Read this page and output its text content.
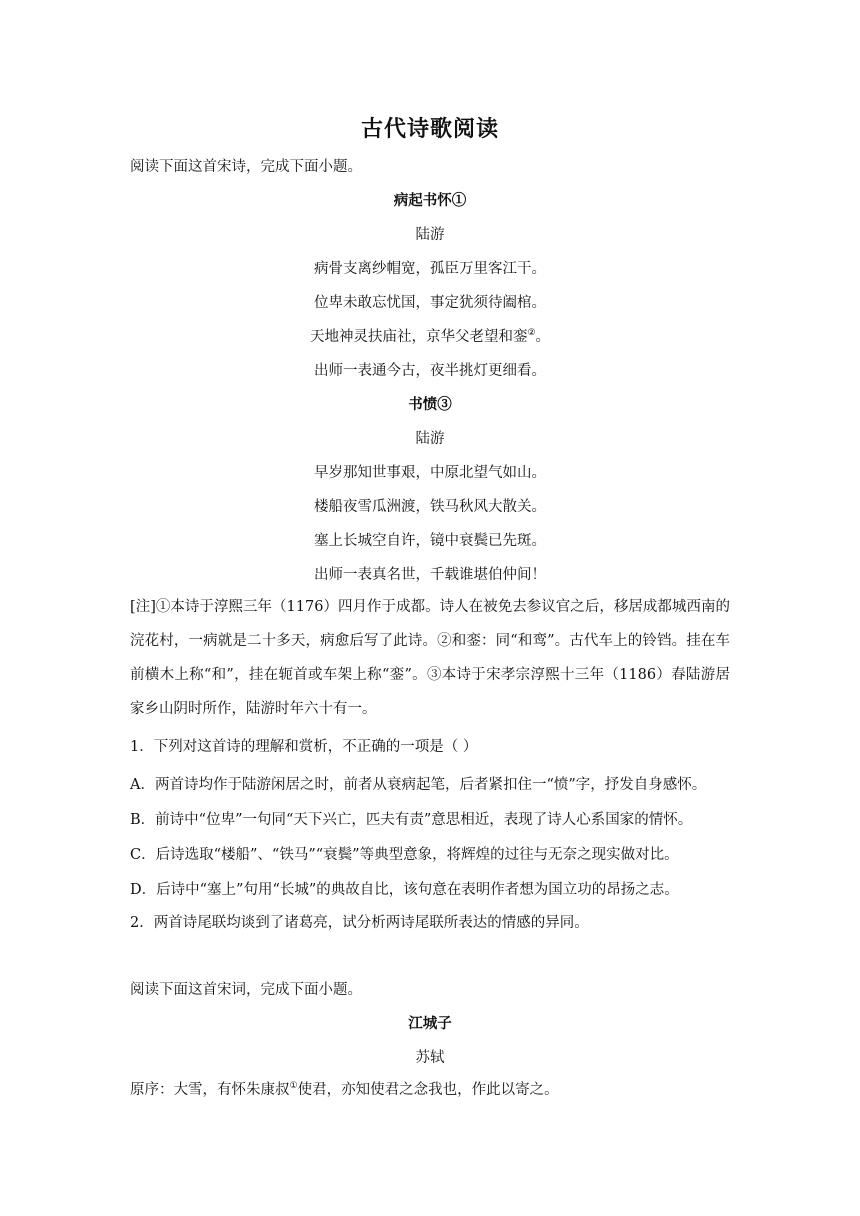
古代诗歌阅读
阅读下面这首宋诗，完成下面小题。
病起书怀①
陆游
病骨支离纱帽宽，孤臣万里客江干。
位卑未敢忘忧国，事定犹须待阖棺。
天地神灵扶庙社，京华父老望和銮②。
出师一表通今古，夜半挑灯更细看。
书愤③
陆游
早岁那知世事艰，中原北望气如山。
楼船夜雪瓜洲渡，铁马秋风大散关。
塞上长城空自许，镜中衰鬓已先斑。
出师一表真名世，千载谁堪伯仲间！
[注]①本诗于淳熙三年（1176）四月作于成都。诗人在被免去参议官之后，移居成都城西南的浣花村，一病就是二十多天，病愈后写了此诗。②和銮：同“和鸾”。古代车上的铃铛。挂在车前横木上称“和”，挂在轭首或车架上称“銮”。③本诗于宋孝宗淳熙十三年（1186）春陆游居家乡山阴时所作，陆游时年六十有一。
1．下列对这首诗的理解和赏析，不正确的一项是（ ）
A．两首诗均作于陆游闲居之时，前者从衰病起笔，后者紧扣住一“愤”字，抒发自身感怀。
B．前诗中“位卑”一句同“天下兴亡，匹夫有责”意思相近，表现了诗人心系国家的情怀。
C．后诗选取“楼船”、“铁马”“衰鬓”等典型意象，将辉煌的过往与无奈之现实做对比。
D．后诗中“塞上”句用“长城”的典故自比，该句意在表明作者想为国立功的昂扬之志。
2．两首诗尾联均谈到了诸葛亮，试分析两诗尾联所表达的情感的异同。
阅读下面这首宋词，完成下面小题。
江城子
苏轼
原序：大雪，有怀朱康叔①使君，亦知使君之念我也，作此以寄之。
